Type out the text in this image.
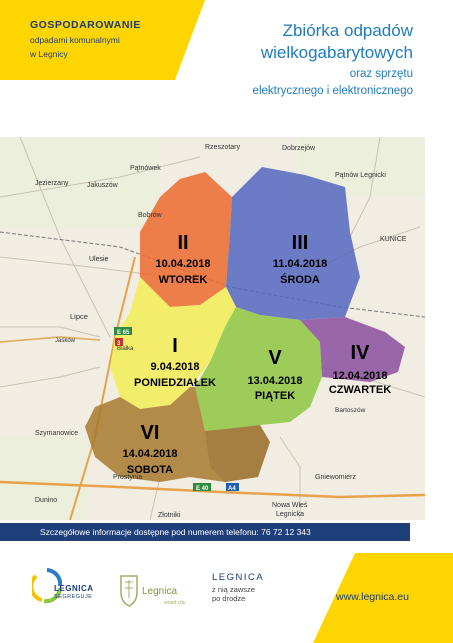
GOSPODAROWANIE
odpadami komunalnymi
w Legnicy
Zbiórka odpadów
wielkogabarytowych
oraz sprzętu
elektrycznego i elektronicznego
Rzeszotary	Dobrzejów
Pątnówek
Pątnów Legnicki
Jezierzany	Jakuszów
Bobrów
Ulesie
KUNICE
Lipce
Jaśków
Białka
Bartoszów
Szymanowice
Gniewomierz
Dunino
Prostynia
Złotniki
Nowa Wieś
Legnicka
E 65
3
E 40	A4
II
10.04.2018
WTOREK
III
11.04.2018
ŚRODA
I
9.04.2018
PONIEDZIAŁEK
V
13.04.2018
PIĄTEK
IV
12.04.2018
CZWARTEK
VI
14.04.2018
SOBOTA
Szczegółowe informacje dostępne pod numerem telefonu: 76 72 12 343
LEGNICA
SEGREGUJE	Legnica
smart city
LEGNICA
z nią zawsze
po drodze	www.legnica.eu
